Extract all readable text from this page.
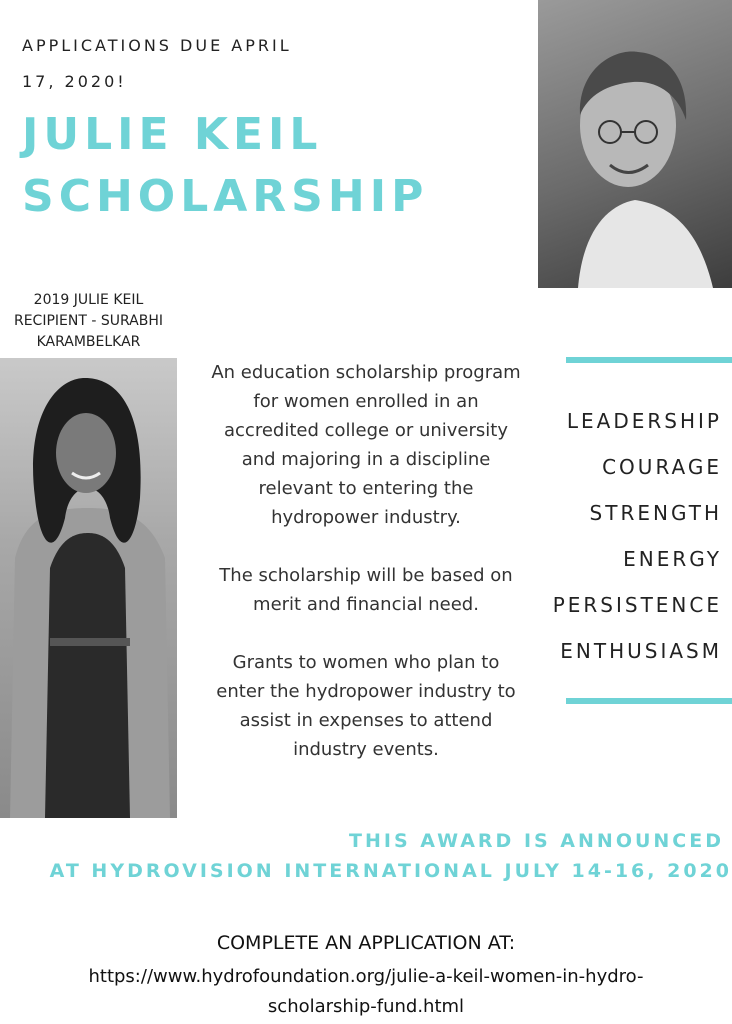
APPLICATIONS DUE APRIL
17, 2020!
JULIE KEIL
SCHOLARSHIP
2019 JULIE KEIL
RECIPIENT - SURABHI
KARAMBELKAR

An education scholarship program for women enrolled in an accredited college or university and majoring in a discipline relevant to entering the hydropower industry.

The scholarship will be based on merit and financial need.

Grants to women who plan to enter the hydropower industry to assist in expenses to attend industry events.

LEADERSHIP
COURAGE
STRENGTH
ENERGY
PERSISTENCE
ENTHUSIASM
THIS AWARD IS ANNOUNCED
AT HYDROVISION INTERNATIONAL JULY 14-16, 2020
COMPLETE AN APPLICATION AT:
https://www.hydrofoundation.org/julie-a-keil-women-in-hydro-
scholarship-fund.html
